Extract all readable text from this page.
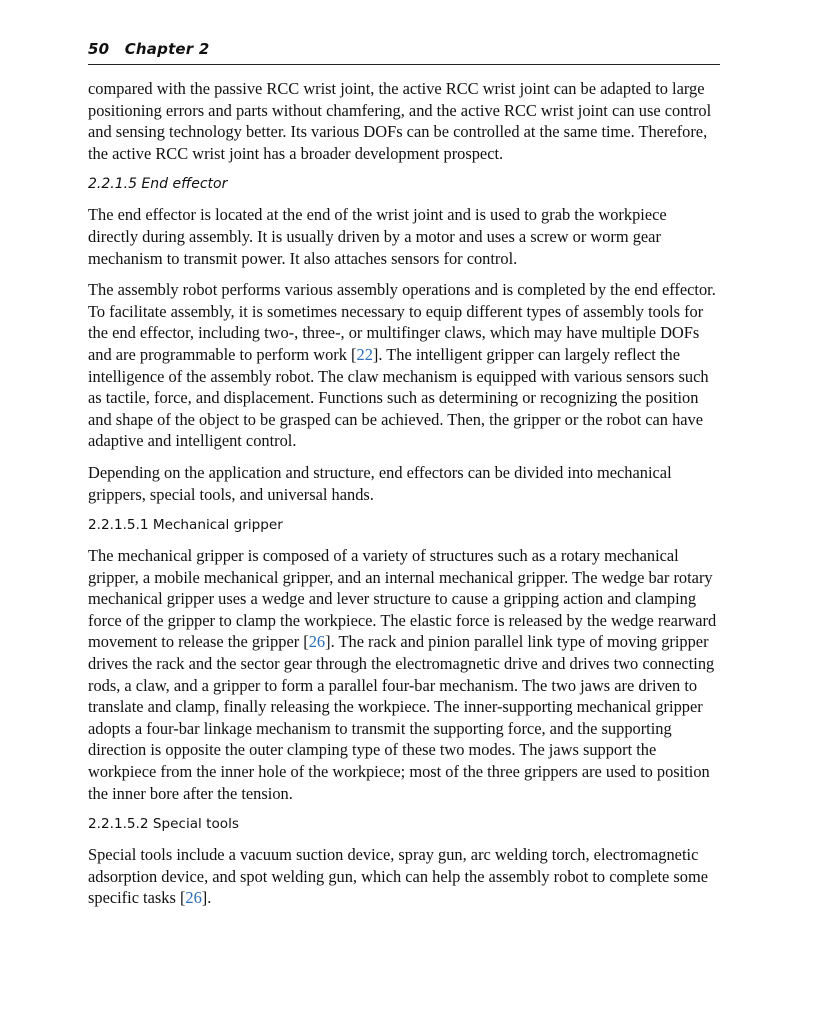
50 Chapter 2

compared with the passive RCC wrist joint, the active RCC wrist joint can be adapted to large positioning errors and parts without chamfering, and the active RCC wrist joint can use control and sensing technology better. Its various DOFs can be controlled at the same time. Therefore, the active RCC wrist joint has a broader development prospect.

2.2.1.5 End effector

The end effector is located at the end of the wrist joint and is used to grab the workpiece directly during assembly. It is usually driven by a motor and uses a screw or worm gear mechanism to transmit power. It also attaches sensors for control.

The assembly robot performs various assembly operations and is completed by the end effector. To facilitate assembly, it is sometimes necessary to equip different types of assembly tools for the end effector, including two-, three-, or multifinger claws, which may have multiple DOFs and are programmable to perform work [22]. The intelligent gripper can largely reflect the intelligence of the assembly robot. The claw mechanism is equipped with various sensors such as tactile, force, and displacement. Functions such as determining or recognizing the position and shape of the object to be grasped can be achieved. Then, the gripper or the robot can have adaptive and intelligent control.

Depending on the application and structure, end effectors can be divided into mechanical grippers, special tools, and universal hands.

2.2.1.5.1 Mechanical gripper

The mechanical gripper is composed of a variety of structures such as a rotary mechanical gripper, a mobile mechanical gripper, and an internal mechanical gripper. The wedge bar rotary mechanical gripper uses a wedge and lever structure to cause a gripping action and clamping force of the gripper to clamp the workpiece. The elastic force is released by the wedge rearward movement to release the gripper [26]. The rack and pinion parallel link type of moving gripper drives the rack and the sector gear through the electromagnetic drive and drives two connecting rods, a claw, and a gripper to form a parallel four-bar mechanism. The two jaws are driven to translate and clamp, finally releasing the workpiece. The inner-supporting mechanical gripper adopts a four-bar linkage mechanism to transmit the supporting force, and the supporting direction is opposite the outer clamping type of these two modes. The jaws support the workpiece from the inner hole of the workpiece; most of the three grippers are used to position the inner bore after the tension.

2.2.1.5.2 Special tools

Special tools include a vacuum suction device, spray gun, arc welding torch, electromagnetic adsorption device, and spot welding gun, which can help the assembly robot to complete some specific tasks [26].
